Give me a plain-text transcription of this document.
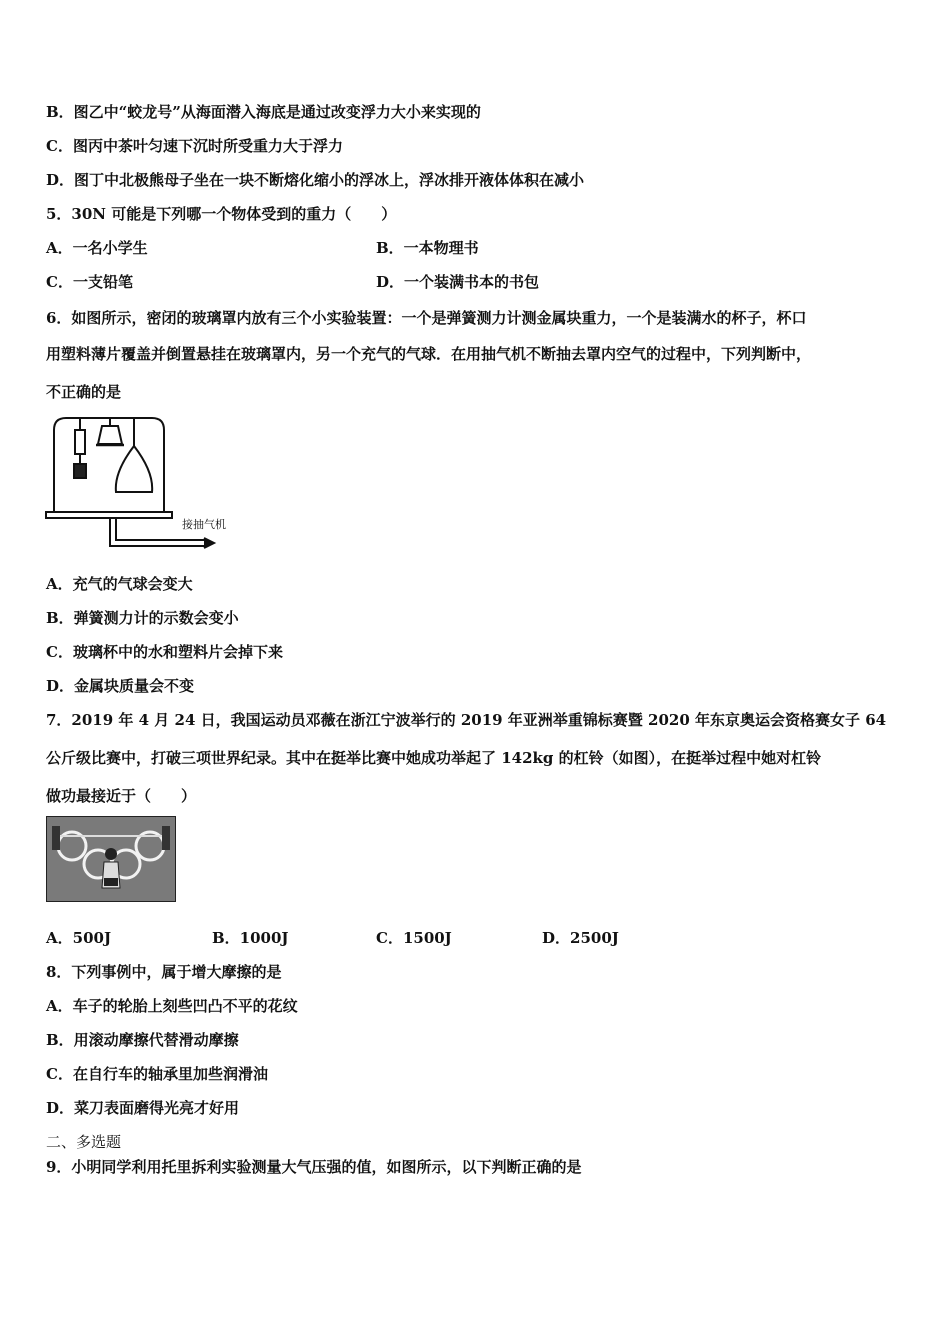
B．图乙中“蛟龙号”从海面潜入海底是通过改变浮力大小来实现的
C．图丙中茶叶匀速下沉时所受重力大于浮力
D．图丁中北极熊母子坐在一块不断熔化缩小的浮冰上，浮冰排开液体体积在减小
5．30N 可能是下列哪一个物体受到的重力（　　）
A．一名小学生	B．一本物理书
C．一支铅笔	D．一个装满书本的书包
6．如图所示，密闭的玻璃罩内放有三个小实验装置：一个是弹簧测力计测金属块重力，一个是装满水的杯子，杯口
用塑料薄片覆盖并倒置悬挂在玻璃罩内，另一个充气的气球．在用抽气机不断抽去罩内空气的过程中，下列判断中，
不正确的是
接抽气机
A．充气的气球会变大
B．弹簧测力计的示数会变小
C．玻璃杯中的水和塑料片会掉下来
D．金属块质量会不变
7．2019 年 4 月 24 日，我国运动员邓薇在浙江宁波举行的 2019 年亚洲举重锦标赛暨 2020 年东京奥运会资格赛女子 64
公斤级比赛中，打破三项世界纪录。其中在挺举比赛中她成功举起了 142kg 的杠铃（如图），在挺举过程中她对杠铃
做功最接近于（　　）
A．500J	B．1000J	C．1500J	D．2500J
8．下列事例中，属于增大摩擦的是
A．车子的轮胎上刻些凹凸不平的花纹
B．用滚动摩擦代替滑动摩擦
C．在自行车的轴承里加些润滑油
D．菜刀表面磨得光亮才好用
二、多选题
9．小明同学利用托里拆利实验测量大气压强的值，如图所示，以下判断正确的是
